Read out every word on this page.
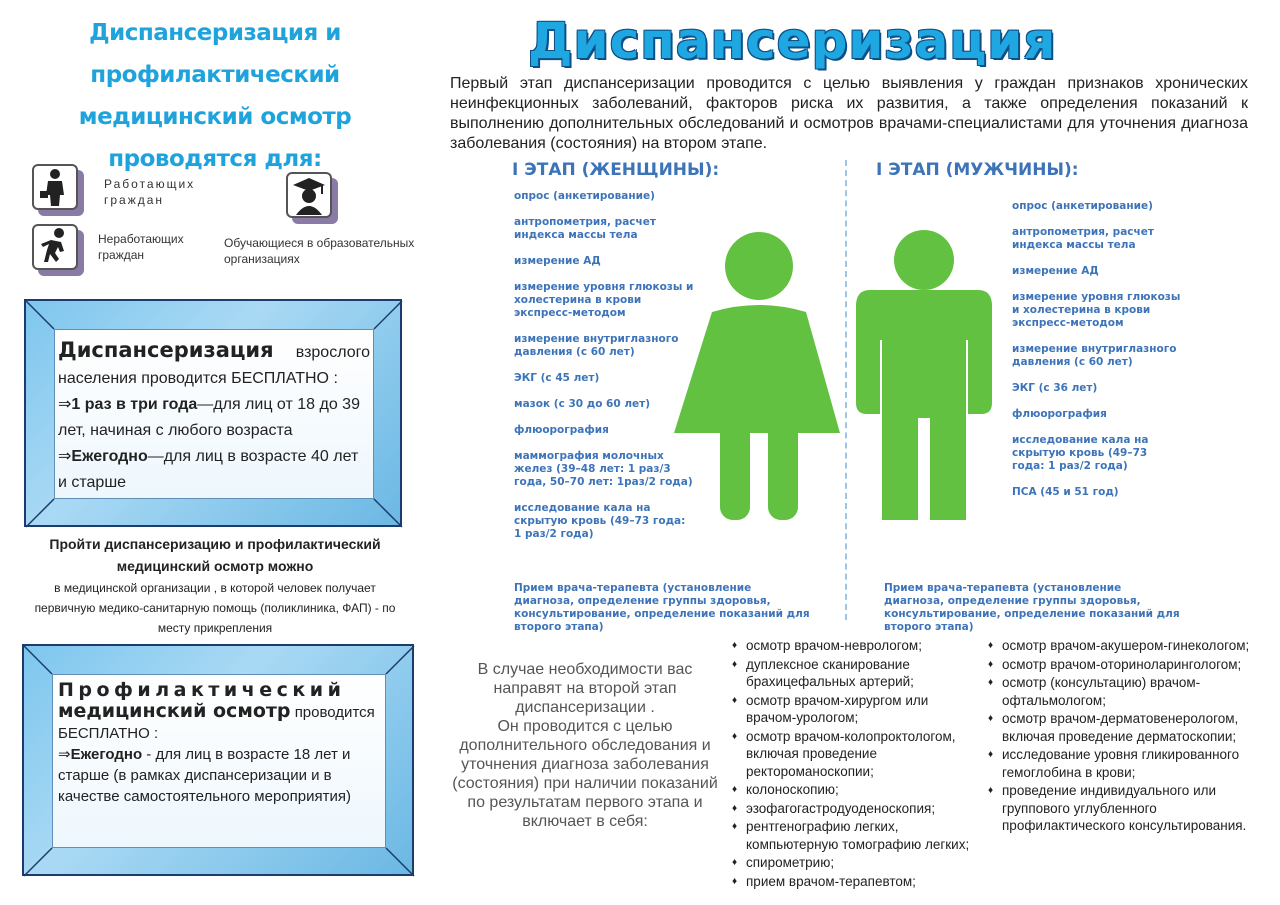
Диспансеризация и
профилактический
медицинский осмотр
проводятся для:
Работающих граждан
Неработающих граждан
Обучающиеся в образовательных организациях
Диспансеризация взрослого
населения проводится БЕСПЛАТНО :
⇒1 раз в три года—для лиц от 18 до 39 лет, начиная с любого возраста
⇒Ежегодно—для лиц в возрасте 40 лет и старше
Пройти диспансеризацию и профилактический медицинский осмотр можно
в медицинской организации , в которой человек получает первичную медико-санитарную помощь (поликлиника, ФАП) - по месту прикрепления
Профилактический
медицинский осмотр проводится БЕСПЛАТНО :
⇒Ежегодно - для лиц в возрасте 18 лет и старше (в рамках диспансеризации и в качестве самостоятельного мероприятия)
Диспансеризация
Первый этап диспансеризации проводится с целью выявления у граждан признаков хронических неинфекционных заболеваний, факторов риска их развития, а также определения показаний к выполнению дополнительных обследований и осмотров врачами-специалистами для уточнения диагноза заболевания (состояния) на втором этапе.
I ЭТАП (ЖЕНЩИНЫ):
опрос (анкетирование)
антропометрия, расчет индекса массы тела
измерение АД
измерение уровня глюкозы и холестерина в крови экспресс-методом
измерение внутриглазного давления (с 60 лет)
ЭКГ (с 45 лет)
мазок (с 30 до 60 лет)
флюорография
маммография молочных желез (39–48 лет: 1 раз/3 года, 50–70 лет: 1раз/2 года)
исследование кала на скрытую кровь (49–73 года: 1 раз/2 года)
Прием врача-терапевта (установление диагноза, определение группы здоровья, консультирование, определение показаний для второго этапа)
I ЭТАП (МУЖЧИНЫ):
опрос (анкетирование)
антропометрия, расчет индекса массы тела
измерение АД
измерение уровня глюкозы и холестерина в крови экспресс-методом
измерение внутриглазного давления (с 60 лет)
ЭКГ (с 36 лет)
флюорография
исследование кала на скрытую кровь (49–73 года: 1 раз/2 года)
ПСА (45 и 51 год)
Прием врача-терапевта (установление диагноза, определение группы здоровья, консультирование, определение показаний для второго этапа)
В случае необходимости вас направят на второй этап диспансеризации .
Он проводится с целью дополнительного обследования и уточнения диагноза заболевания (состояния) при наличии показаний по результатам первого этапа и включает в себя:
♦ осмотр врачом-неврологом;
♦ дуплексное сканирование брахицефальных артерий;
♦ осмотр врачом-хирургом или врачом-урологом;
♦ осмотр врачом-колопроктологом, включая проведение ректороманоскопии;
♦ колоноскопию;
♦ эзофагогастродуоденоскопия;
♦ рентгенографию легких, компьютерную томографию легких;
♦ спирометрию;
♦ прием врачом-терапевтом;
♦ осмотр врачом-акушером-гинекологом;
♦ осмотр врачом-оториноларингологом;
♦ осмотр (консультацию) врачом-офтальмологом;
♦ осмотр врачом-дерматовенерологом, включая проведение дерматоскопии;
♦ исследование уровня гликированного гемоглобина в крови;
♦ проведение индивидуального или группового углубленного профилактического консультирования.
